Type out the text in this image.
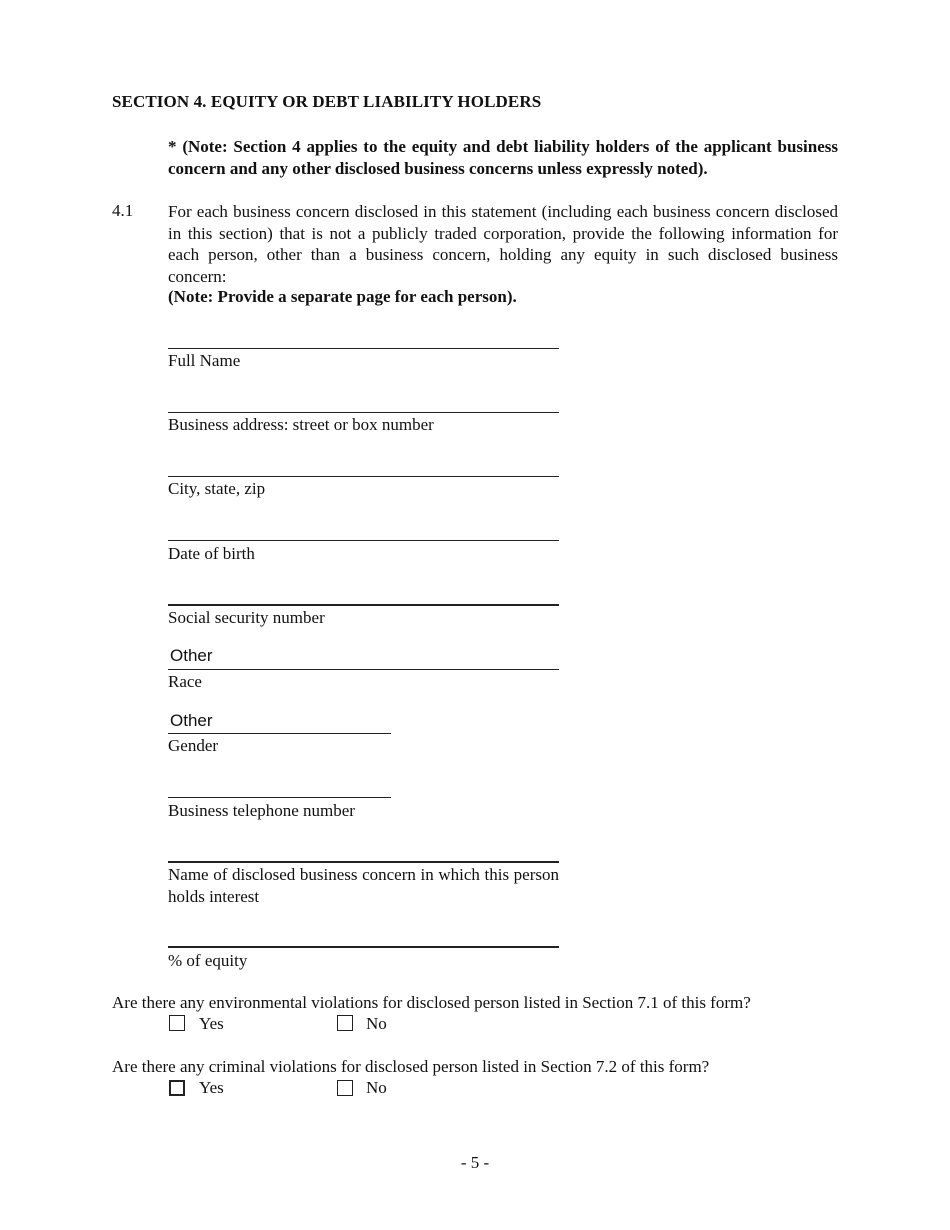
SECTION 4. EQUITY OR DEBT LIABILITY HOLDERS
* (Note: Section 4 applies to the equity and debt liability holders of the applicant business concern and any other disclosed business concerns unless expressly noted).
4.1 For each business concern disclosed in this statement (including each business concern disclosed in this section) that is not a publicly traded corporation, provide the following information for each person, other than a business concern, holding any equity in such disclosed business concern:
(Note: Provide a separate page for each person).
Full Name
Business address: street or box number
City, state, zip
Date of birth
Social security number
Other
Race
Other
Gender
Business telephone number
Name of disclosed business concern in which this person holds interest
% of equity
Are there any environmental violations for disclosed person listed in Section 7.1 of this form?
Yes	No
Are there any criminal violations for disclosed person listed in Section 7.2 of this form?
Yes	No
- 5 -
